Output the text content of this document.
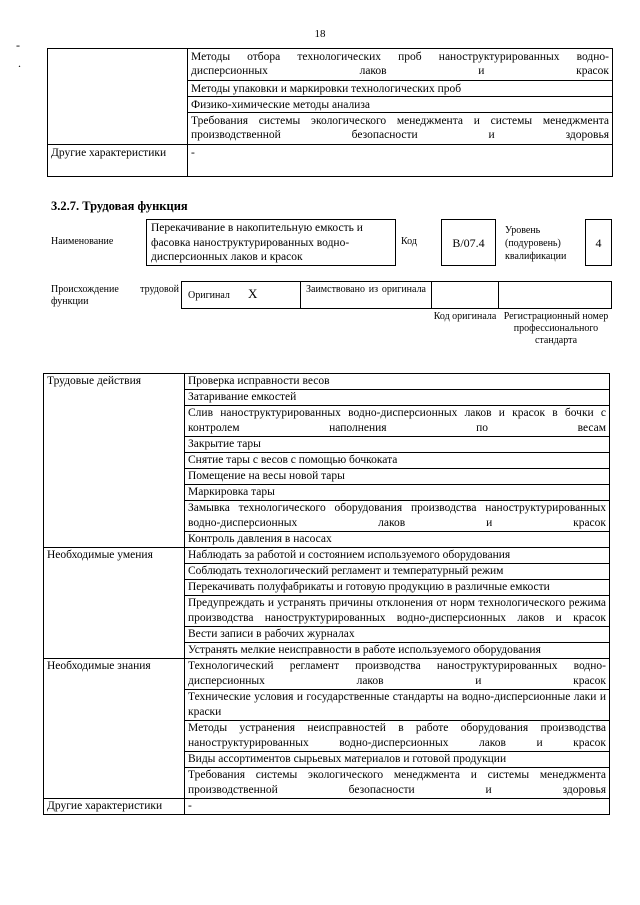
18
-
.
		Методы отбора технологических проб наноструктурированных водно-дисперсионных лаков и красок
	Методы упаковки и маркировки технологических проб
	Физико-химические методы анализа
	Требования системы экологического менеджмента и системы менеджмента производственной безопасности и здоровья
Другие характеристики	-
3.2.7. Трудовая функция
Наименование
Перекачивание в накопительную емкость и фасовка наноструктурированных водно-дисперсионных лаков и красок
Код	В/07.4
Уровень (подуровень) квалификации
4
Происхождение трудовой функции
Оригинал X	Заимствовано из оригинала
Код оригинала Регистрационный номер профессионального стандарта
Трудовые действия	Проверка исправности весов
	Затаривание емкостей
	Слив наноструктурированных водно-дисперсионных лаков и красок в бочки с контролем наполнения по весам
	Закрытие тары
	Снятие тары с весов с помощью бочкоката
	Помещение на весы новой тары
	Маркировка тары
	Замывка технологического оборудования производства наноструктурированных водно-дисперсионных лаков и красок
	Контроль давления в насосах
Необходимые умения	Наблюдать за работой и состоянием используемого оборудования
	Соблюдать технологический регламент и температурный режим
	Перекачивать полуфабрикаты и готовую продукцию в различные емкости
	Предупреждать и устранять причины отклонения от норм технологического режима производства наноструктурированных водно-дисперсионных лаков и красок
	Вести записи в рабочих журналах
	Устранять мелкие неисправности в работе используемого оборудования
Необходимые знания	Технологический регламент производства наноструктурированных водно-дисперсионных лаков и красок
	Технические условия и государственные стандарты на водно-дисперсионные лаки и краски
	Методы устранения неисправностей в работе оборудования производства наноструктурированных водно-дисперсионных лаков и красок
	Виды ассортиментов сырьевых материалов и готовой продукции
	Требования системы экологического менеджмента и системы менеджмента производственной безопасности и здоровья
Другие характеристики	-
